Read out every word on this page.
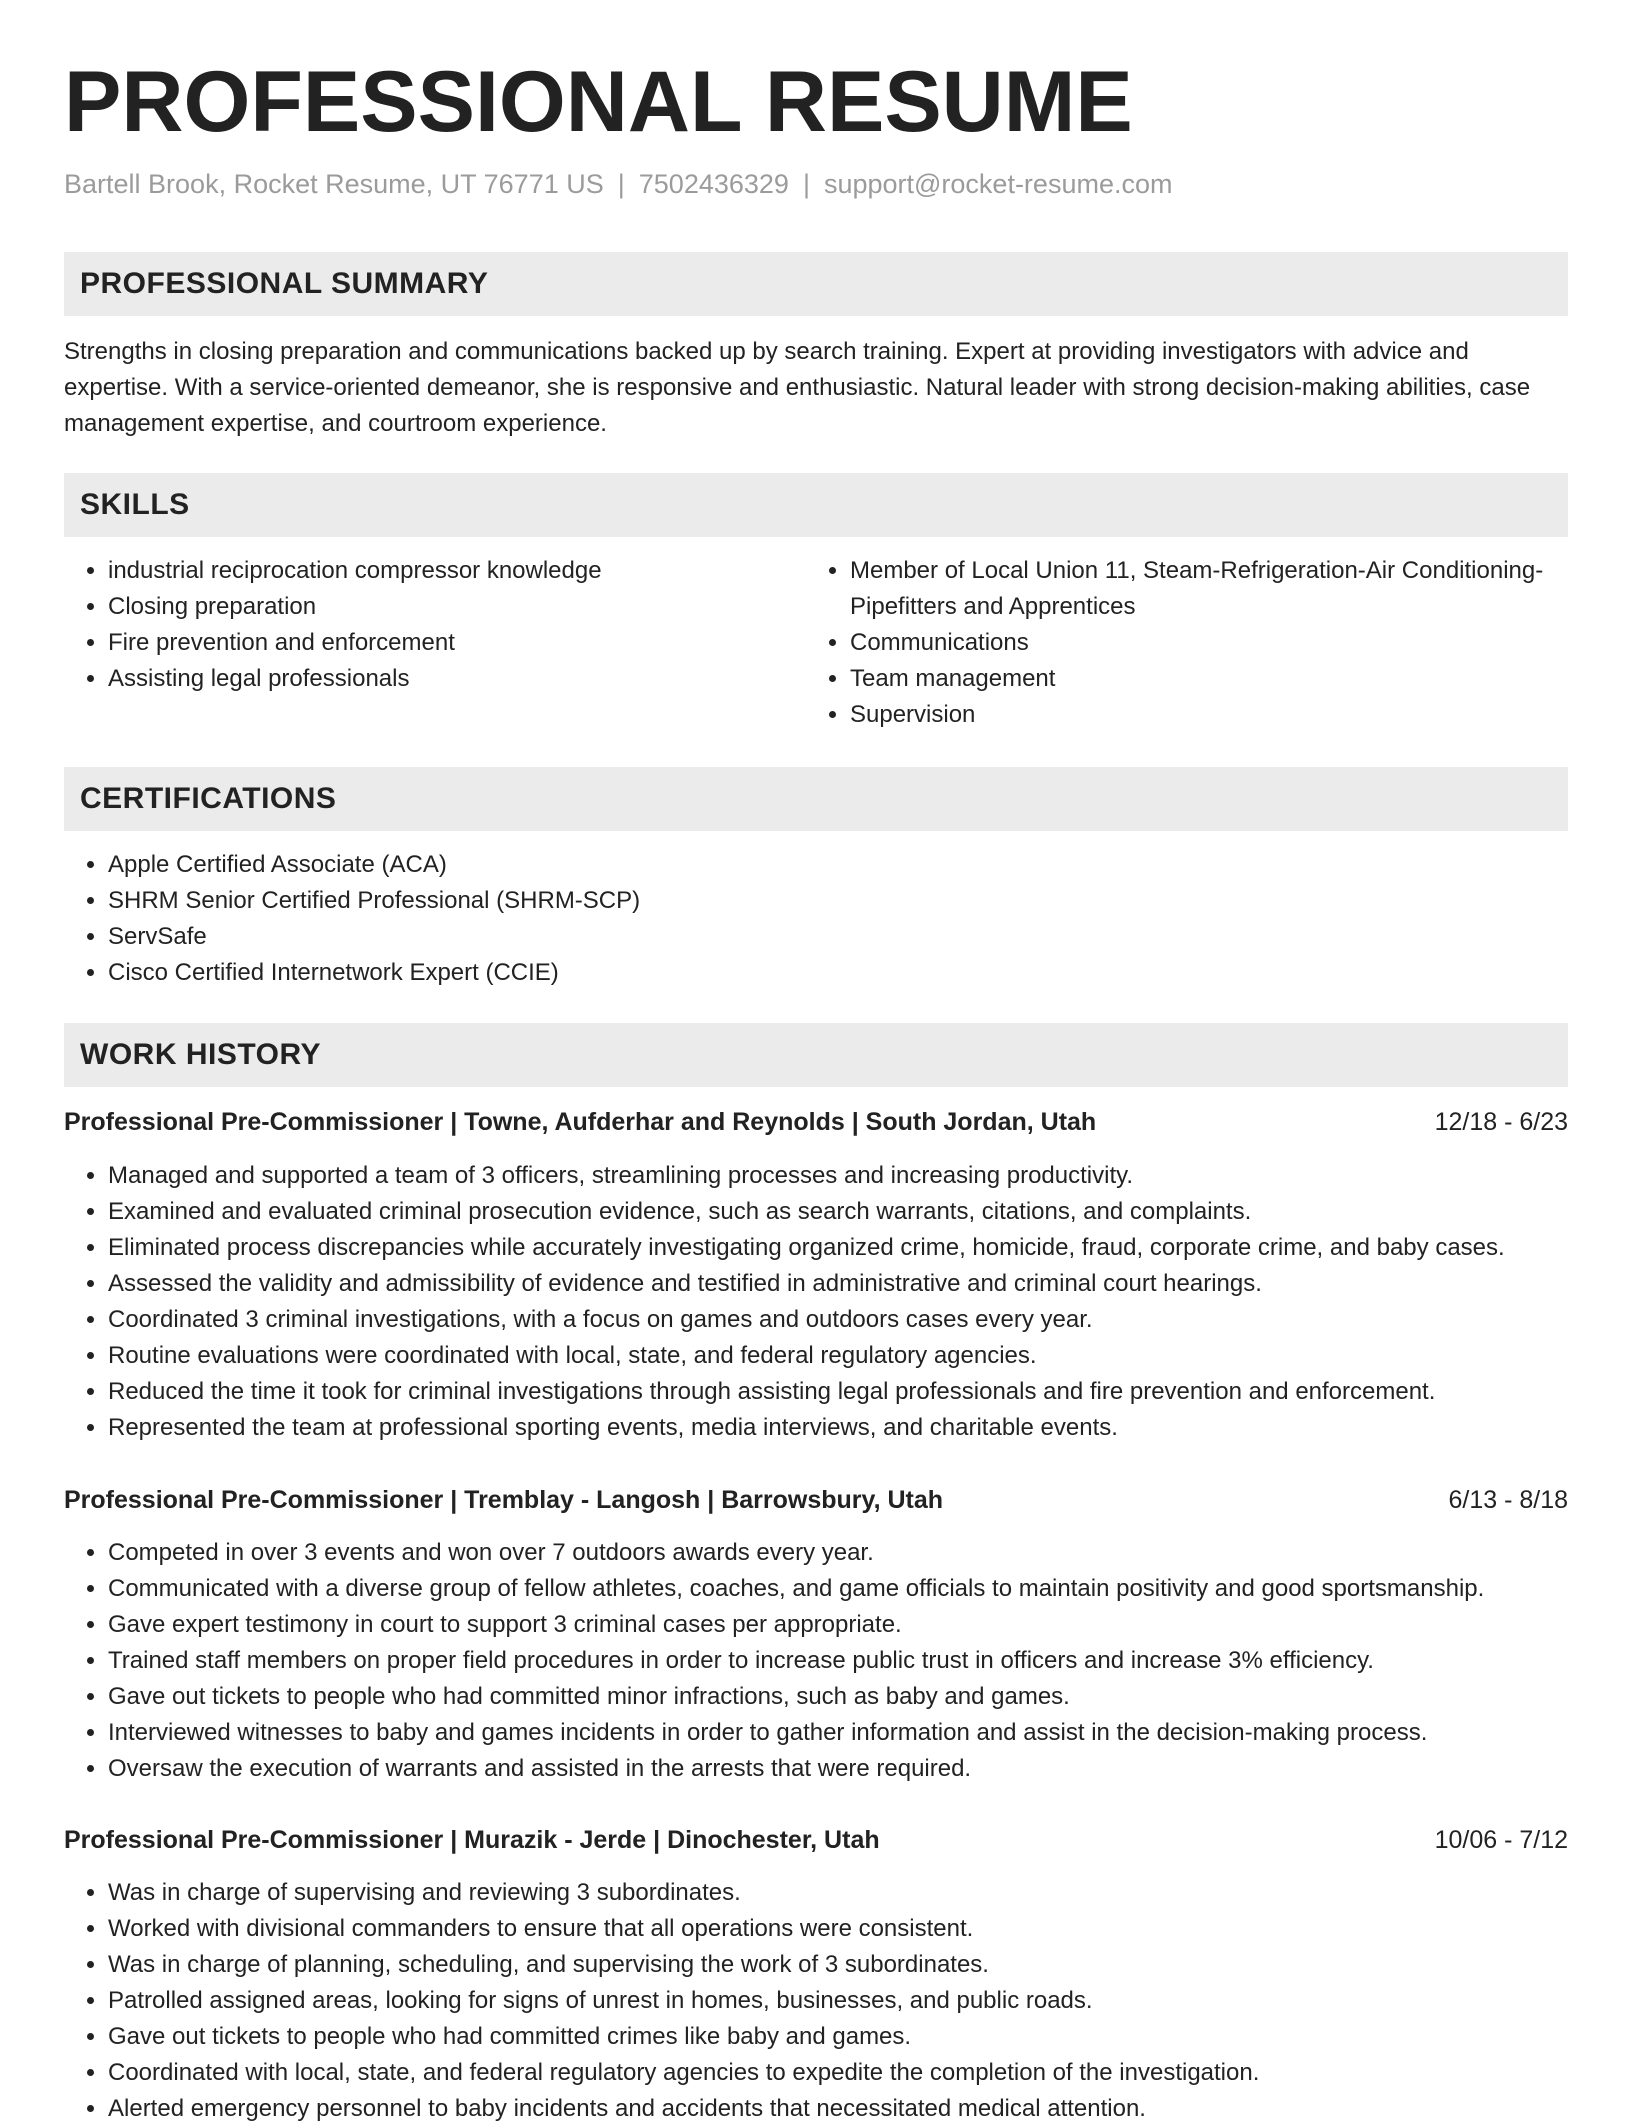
PROFESSIONAL RESUME
Bartell Brook, Rocket Resume, UT 76771 US | 7502436329 | support@rocket-resume.com
PROFESSIONAL SUMMARY

Strengths in closing preparation and communications backed up by search training. Expert at providing investigators with advice and expertise. With a service-oriented demeanor, she is responsive and enthusiastic. Natural leader with strong decision-making abilities, case management expertise, and courtroom experience.

SKILLS
• industrial reciprocation compressor knowledge
• Closing preparation
• Fire prevention and enforcement
• Assisting legal professionals
• Member of Local Union 11, Steam-Refrigeration-Air Conditioning-Pipefitters and Apprentices
• Communications
• Team management
• Supervision
CERTIFICATIONS
• Apple Certified Associate (ACA)
• SHRM Senior Certified Professional (SHRM-SCP)
• ServSafe
• Cisco Certified Internetwork Expert (CCIE)
WORK HISTORY
Professional Pre-Commissioner | Towne, Aufderhar and Reynolds | South Jordan, Utah	12/18 - 6/23
• Managed and supported a team of 3 officers, streamlining processes and increasing productivity.
• Examined and evaluated criminal prosecution evidence, such as search warrants, citations, and complaints.
• Eliminated process discrepancies while accurately investigating organized crime, homicide, fraud, corporate crime, and baby cases.
• Assessed the validity and admissibility of evidence and testified in administrative and criminal court hearings.
• Coordinated 3 criminal investigations, with a focus on games and outdoors cases every year.
• Routine evaluations were coordinated with local, state, and federal regulatory agencies.
• Reduced the time it took for criminal investigations through assisting legal professionals and fire prevention and enforcement.
• Represented the team at professional sporting events, media interviews, and charitable events.
Professional Pre-Commissioner | Tremblay - Langosh | Barrowsbury, Utah	6/13 - 8/18
• Competed in over 3 events and won over 7 outdoors awards every year.
• Communicated with a diverse group of fellow athletes, coaches, and game officials to maintain positivity and good sportsmanship.
• Gave expert testimony in court to support 3 criminal cases per appropriate.
• Trained staff members on proper field procedures in order to increase public trust in officers and increase 3% efficiency.
• Gave out tickets to people who had committed minor infractions, such as baby and games.
• Interviewed witnesses to baby and games incidents in order to gather information and assist in the decision-making process.
• Oversaw the execution of warrants and assisted in the arrests that were required.
Professional Pre-Commissioner | Murazik - Jerde | Dinochester, Utah	10/06 - 7/12
• Was in charge of supervising and reviewing 3 subordinates.
• Worked with divisional commanders to ensure that all operations were consistent.
• Was in charge of planning, scheduling, and supervising the work of 3 subordinates.
• Patrolled assigned areas, looking for signs of unrest in homes, businesses, and public roads.
• Gave out tickets to people who had committed crimes like baby and games.
• Coordinated with local, state, and federal regulatory agencies to expedite the completion of the investigation.
• Alerted emergency personnel to baby incidents and accidents that necessitated medical attention.
